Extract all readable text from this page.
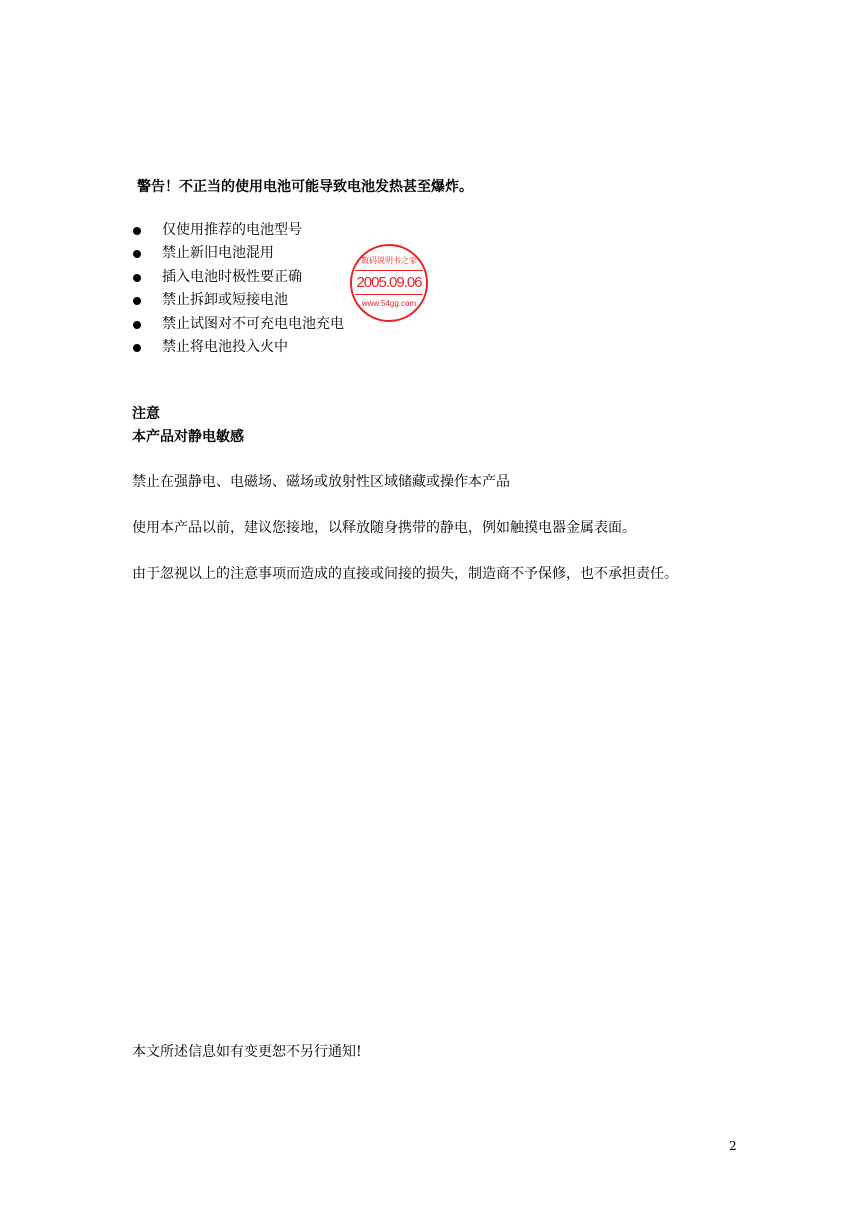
警告！不正当的使用电池可能导致电池发热甚至爆炸。
仅使用推荐的电池型号
禁止新旧电池混用
插入电池时极性要正确
禁止拆卸或短接电池
禁止试图对不可充电电池充电
禁止将电池投入火中
数码说明书之家
2005.09.06
www.54gg.com
注意
本产品对静电敏感
禁止在强静电、电磁场、磁场或放射性区域储藏或操作本产品
使用本产品以前，建议您接地，以释放随身携带的静电，例如触摸电器金属表面。
由于忽视以上的注意事项而造成的直接或间接的损失，制造商不予保修，也不承担责任。
本文所述信息如有变更恕不另行通知!
2
